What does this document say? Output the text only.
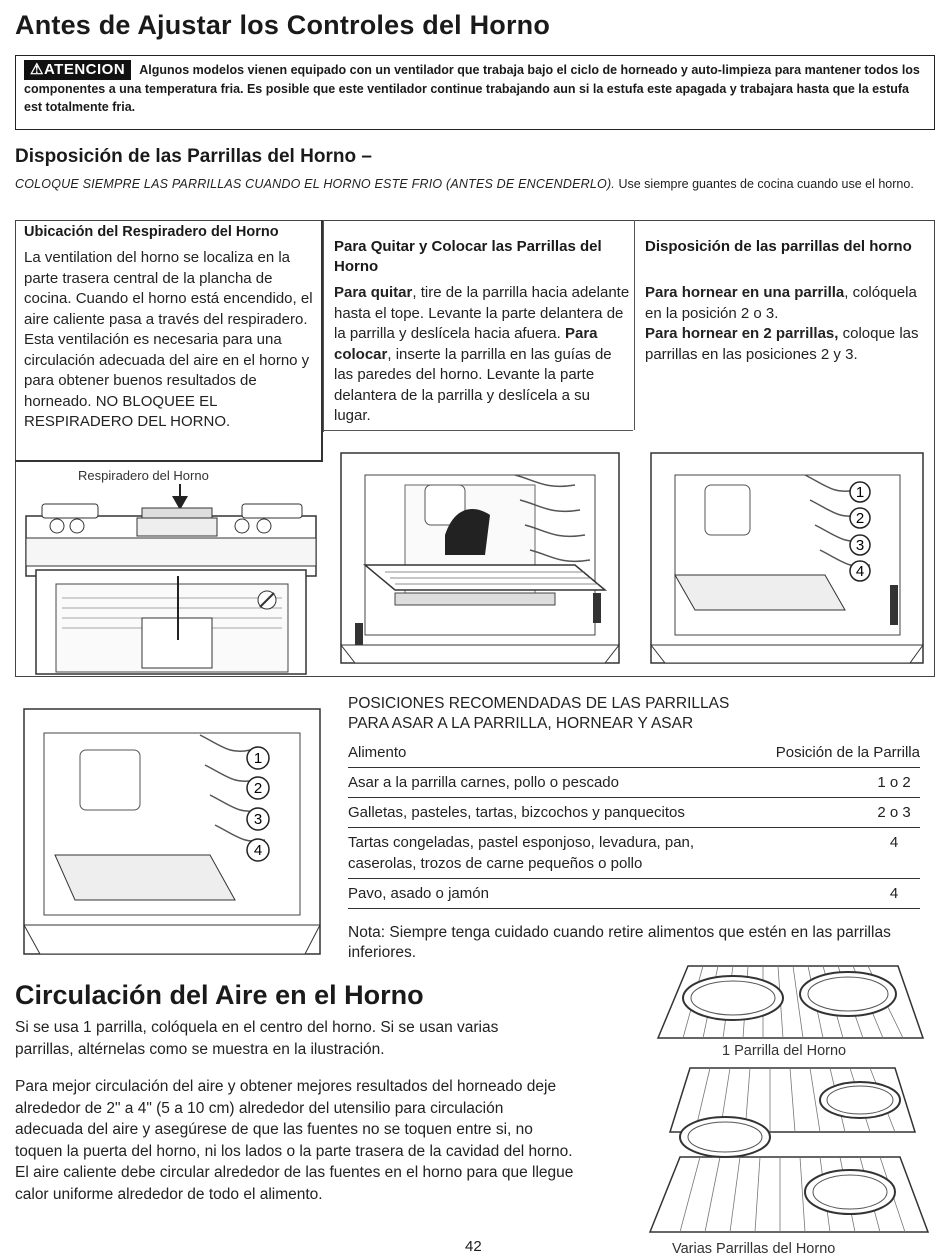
Antes de Ajustar los Controles del Horno
⚠ATENCION Algunos modelos vienen equipado con un ventilador que trabaja bajo el ciclo de horneado y auto-limpieza para mantener todos los componentes a una temperatura fria. Es posible que este ventilador continue trabajando aun si la estufa este apagada y trabajara hasta que la estufa est totalmente fria.
Disposición de las Parrillas del Horno –
COLOQUE SIEMPRE LAS PARRILLAS CUANDO EL HORNO ESTE FRIO (ANTES DE ENCENDERLO). Use siempre guantes de cocina cuando use el horno.
Ubicación del Respiradero del Horno
La ventilation del horno se localiza en la parte trasera central de la plancha de cocina. Cuando el horno está encendido, el aire caliente pasa a través del respiradero. Esta ventilación es necesaria para una circulación adecuada del aire en el horno y para obtener buenos resultados de horneado. NO BLOQUEE EL RESPIRADERO DEL HORNO.
Respiradero del Horno
Para Quitar y Colocar las Parrillas del Horno
Para quitar, tire de la parrilla hacia adelante hasta el tope. Levante la parte delantera de la parrilla y deslícela hacia afuera. Para colocar, inserte la parrilla en las guías de las paredes del horno. Levante la parte delantera de la parrilla y deslícela a su lugar.
Disposición de las parrillas del horno
Para hornear en una parrilla, colóquela en la posición 2 o 3.
Para hornear en 2 parrillas, coloque las parrillas en las posiciones 2 y 3.
1
2
3
4
1
2
3
4
POSICIONES RECOMENDADAS DE LAS PARRILLAS
PARA ASAR A LA PARRILLA, HORNEAR Y ASAR
Alimento	Posición de la Parrilla
Asar a la parrilla carnes, pollo o pescado	1 o 2
Galletas, pasteles, tartas, bizcochos y panquecitos	2 o 3
Tartas congeladas, pastel esponjoso, levadura, pan, caserolas, trozos de carne pequeños o pollo	4
Pavo, asado o jamón	4
Nota: Siempre tenga cuidado cuando retire alimentos que estén en las parrillas inferiores.
Circulación del Aire en el Horno
Si se usa 1 parrilla, colóquela en el centro del horno. Si se usan varias parrillas, altérnelas como se muestra en la ilustración.
Para mejor circulación del aire y obtener mejores resultados del horneado deje alrededor de 2" a 4" (5 a 10 cm) alrededor del utensilio para circulación adecuada del aire y asegúrese de que las fuentes no se toquen entre si, no toquen la puerta del horno, ni los lados o la parte trasera de la cavidad del horno. El aire caliente debe circular alrededor de las fuentes en el horno para que llegue calor uniforme alrededor de todo el alimento.
1 Parrilla del Horno
Varias Parrillas del Horno
42
